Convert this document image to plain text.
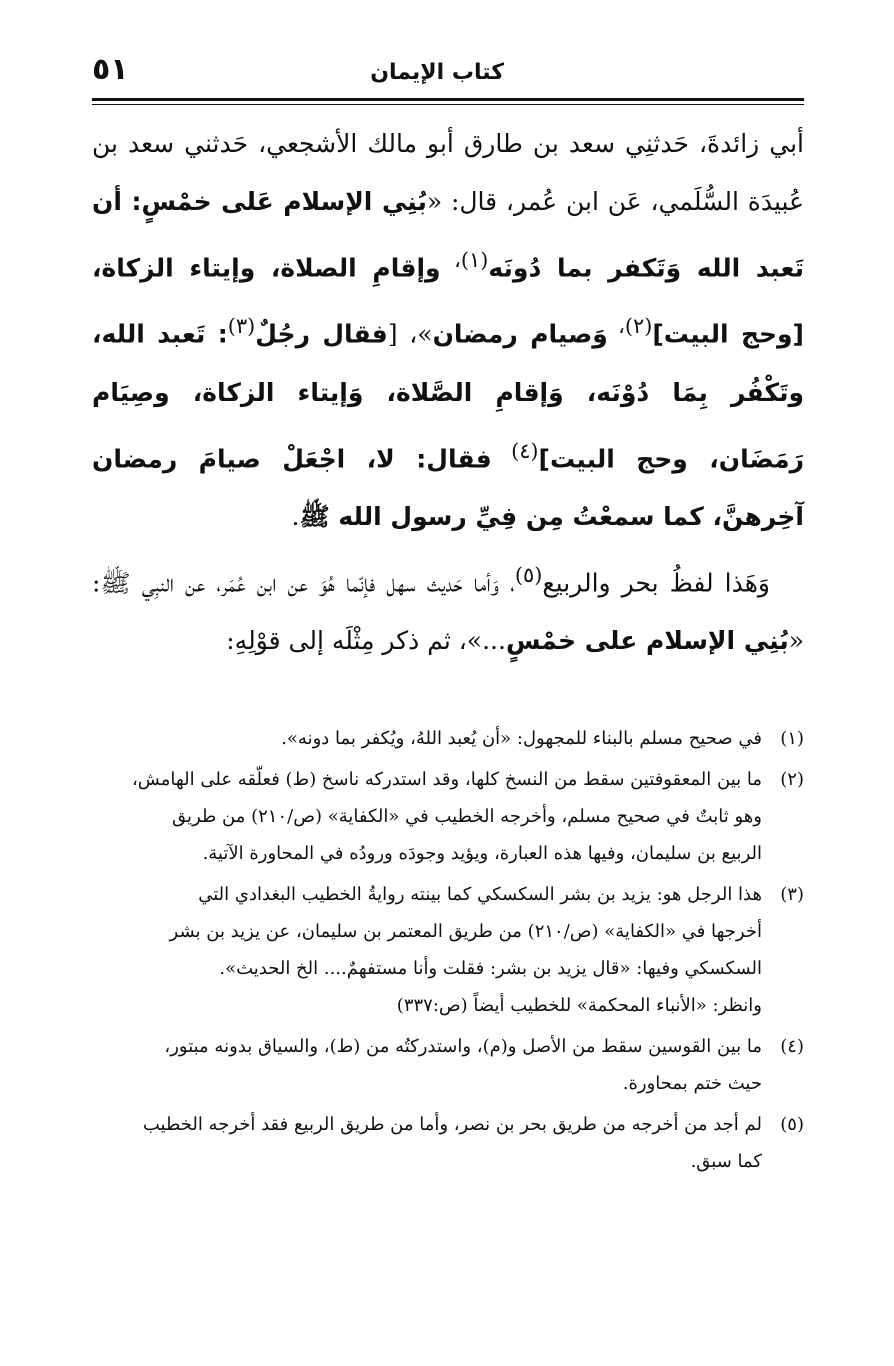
كتاب الإيمان
٥١

أبي زائدةَ، حَدثنِي سعد بن طارق أبو مالك الأشجعي، حَدثني سعد بن عُبيدَة السُّلَمي، عَن ابن عُمر، قال: «بُنِي الإسلام عَلى خمْسٍ: أن تَعبد الله وَتَكفر بما دُونَه$^{(١)،}$ وإقامِ الصلاة، وإيتاء الزكاة، [وحج البيت]$^{(٢)،}$ وَصيام رمضان»، [فقال رجُلٌ$^{(٣)}$: تَعبد الله، وتَكْفُر بِمَا دُوْنَه، وَإقامِ الصَّلاة، وَإيتاء الزكاة، وصِيَام رَمَضَان، وحج البيت]$^{(٤)}$ فقال: لا، اجْعَلْ صيامَ رمضان آخِرهنَّ، كما سمعْتُ مِن فِيِّ رسول الله ﷺ.

وَهَذا لفظُ بحر والربيع$^{(٥)}$، وَأما حَديث سهل فإنّما هُوَ عن ابن عُمَر، عن النبِي ﷺ: «بُنِي الإسلام على خمْسٍ...»، ثم ذكر مِثْلَه إلى قوْلِهِ:

(١)
في صحيح مسلم بالبناء للمجهول: «أن يُعبد اللهُ، ويُكفر بما دونه».
(٢)
ما بين المعقوفتين سقط من النسخ كلها، وقد استدركه ناسخ (ط) فعلّقه على الهامش،
وهو ثابتٌ في صحيح مسلم، وأخرجه الخطيب في «الكفاية» (ص/٢١٠) من طريق
الربيع بن سليمان، وفيها هذه العبارة، ويؤيد وجودَه ورودُه في المحاورة الآتية.
(٣)
هذا الرجل هو: يزيد بن بشر السكسكي كما بينته روايةُ الخطيب البغدادي التي
أخرجها في «الكفاية» (ص/٢١٠) من طريق المعتمر بن سليمان، عن يزيد بن بشر
السكسكي وفيها: «قال يزيد بن بشر: فقلت وأنا مستفهمٌ.... الخ الحديث».
وانظر: «الأنباء المحكمة» للخطيب أيضاً (ص:٣٣٧)
(٤)
ما بين القوسين سقط من الأصل و(م)، واستدركتُه من (ط)، والسياق بدونه مبتور،
حيث ختم بمحاورة.
(٥)
لم أجد من أخرجه من طريق بحر بن نصر، وأما من طريق الربيع فقد أخرجه الخطيب
كما سبق.
